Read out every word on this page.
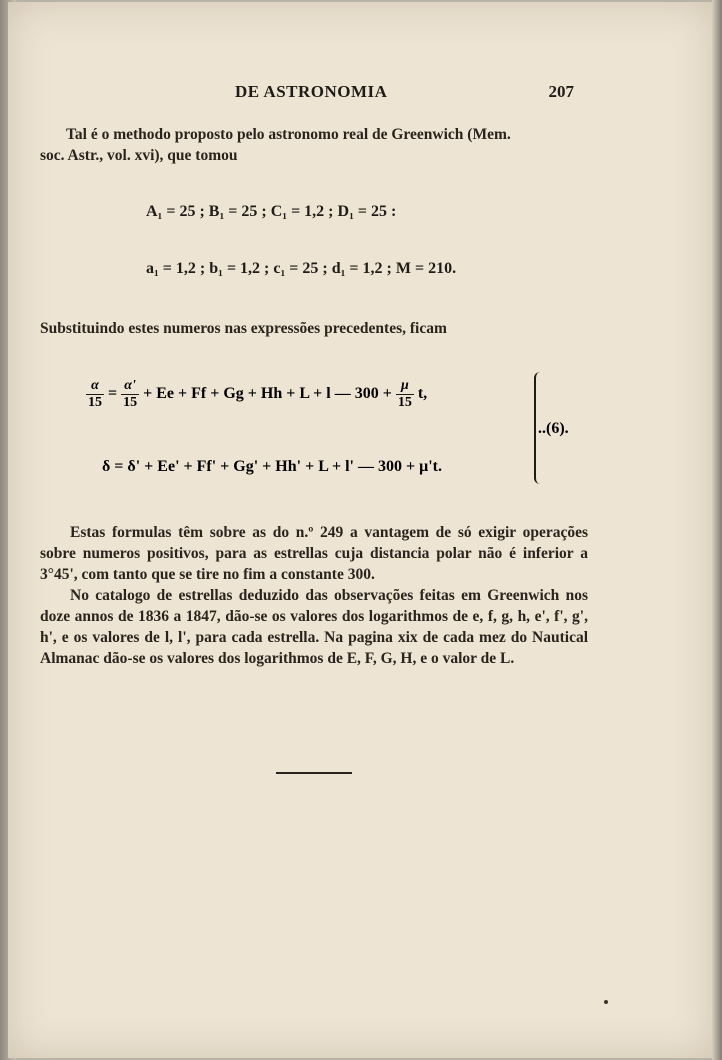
DE ASTRONOMIA	207
Tal é o methodo proposto pelo astronomo real de Greenwich (Mem.
soc. Astr., vol. xvi), que tomou
A₁ = 25 ; B₁ = 25 ; C₁ = 1,2 ; D₁ = 25 :
a₁ = 1,2 ; b₁ = 1,2 ; c₁ = 25 ; d₁ = 1,2 ; M = 210.
Substituindo estes numeros nas expressões precedentes, ficam
$\frac{\alpha}{15} = \frac{\alpha'}{15} + Ee + Ff + Gg + Hh + L + l$ — $300 + \frac{\mu}{15} t$,
δ = δ' + Ee' + Ff' + Gg' + Hh' + L + l' — 300 + μ't.
..(6).
Estas formulas têm sobre as do n.º 249 a vantagem de só exigir operações sobre numeros positivos, para as estrellas cuja distancia polar não é inferior a 3°45', com tanto que se tire no fim a constante 300.
No catalogo de estrellas deduzido das observações feitas em Greenwich nos doze annos de 1836 a 1847, dão-se os valores dos logarithmos de e, f, g, h, e', f', g', h', e os valores de l, l', para cada estrella. Na pagina xix de cada mez do Nautical Almanac dão-se os valores dos logarithmos de E, F, G, H, e o valor de L.
